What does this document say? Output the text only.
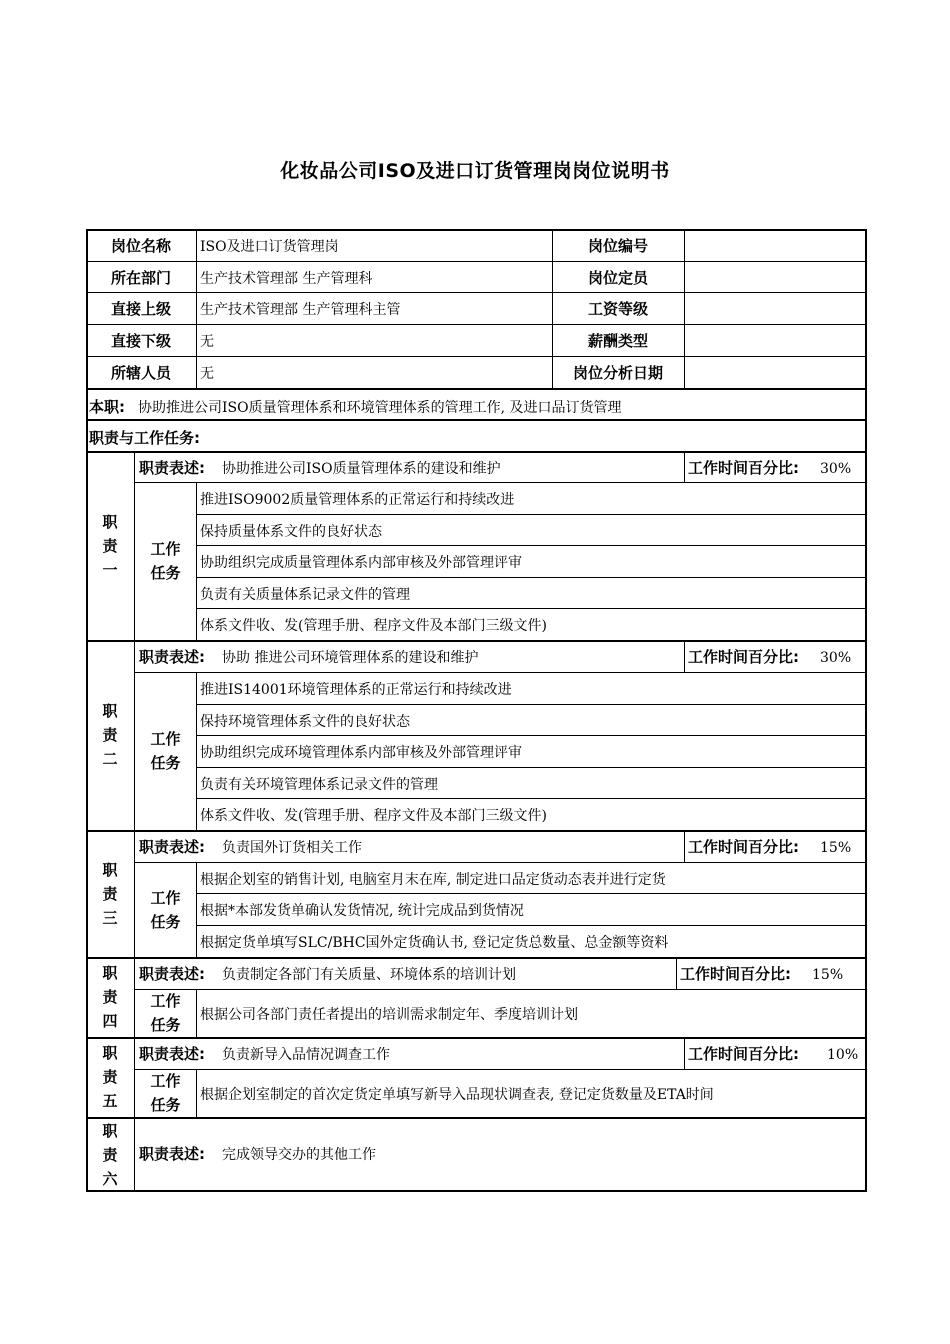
化妆品公司ISO及进口订货管理岗岗位说明书
岗位名称	ISO及进口订货管理岗	岗位编号
所在部门	生产技术管理部 生产管理科	岗位定员
直接上级	生产技术管理部 生产管理科主管	工资等级
直接下级	无	薪酬类型
所辖人员	无	岗位分析日期
本职: 协助推进公司ISO质量管理体系和环境管理体系的管理工作, 及进口品订货管理
职责与工作任务:
职责一
职责表述: 协助推进公司ISO质量管理体系的建设和维护	工作时间百分比: 30%
工作
任务
推进ISO9002质量管理体系的正常运行和持续改进
保持质量体系文件的良好状态
协助组织完成质量管理体系内部审核及外部管理评审
负责有关质量体系记录文件的管理
体系文件收、发(管理手册、程序文件及本部门三级文件)
职责二
职责表述: 协助 推进公司环境管理体系的建设和维护	工作时间百分比: 30%
工作
任务
推进IS14001环境管理体系的正常运行和持续改进
保持环境管理体系文件的良好状态
协助组织完成环境管理体系内部审核及外部管理评审
负责有关环境管理体系记录文件的管理
体系文件收、发(管理手册、程序文件及本部门三级文件)
职责三
职责表述: 负责国外订货相关工作	工作时间百分比: 15%
工作
任务
根据企划室的销售计划, 电脑室月末在库, 制定进口品定货动态表并进行定货
根据*本部发货单确认发货情况, 统计完成品到货情况
根据定货单填写SLC/BHC国外定货确认书, 登记定货总数量、总金额等资料
职责四
职责表述: 负责制定各部门有关质量、环境体系的培训计划	工作时间百分比: 15%
工作
任务
根据公司各部门责任者提出的培训需求制定年、季度培训计划
职责五
职责表述: 负责新导入品情况调查工作	工作时间百分比: 10%
工作
任务
根据企划室制定的首次定货定单填写新导入品现状调查表, 登记定货数量及ETA时间
职责六
职责表述: 完成领导交办的其他工作
